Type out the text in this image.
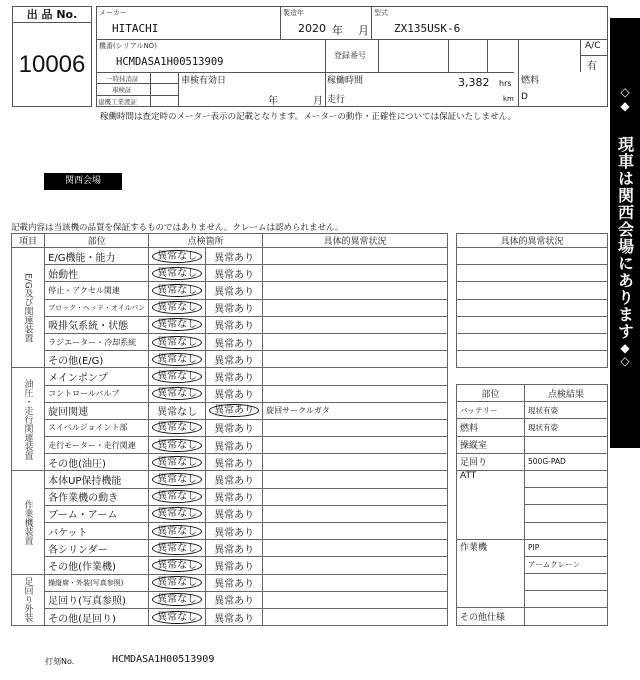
出 品 No.
10006
メーカー
HITACHI
製造年
2020 年 月
型式
ZX135USK-6
機番(シリアルNO)
HCMDASA1H00513909
登録番号
A/C
有
一時抹消証
車検証
建機工業渡証
車検有効日
年	月
稼働時間	3,382 hrs
走行	km
燃料
D
稼働時間は査定時のメーター表示の記載となります。メーターの動作・正確性については保証いたしません。
◇
◆
現車は関西会場にあります
◆
◇
関西会場
記載内容は当該機の品質を保証するものではありません。クレームは認められません。
項目	部位	点検箇所		具体的異常状況
E/G及び関連装置	E/G機能・能力	異常なし	異常あり	
	始動性	異常なし	異常あり	
	停止・アクセル関連	異常なし	異常あり	
	ブロック・ヘッド・オイルパン	異常なし	異常あり	
	吸排気系統・状態	異常なし	異常あり	
	ラジエーター・冷却系統	異常なし	異常あり	
	その他(E/G)	異常なし	異常あり	
油圧・走行関連装置	メインポンプ	異常なし	異常あり	
	コントロールバルブ	異常なし	異常あり	
	旋回関連	異常なし	異常あり	旋回サークルガタ
	スイベルジョイント部	異常なし	異常あり	
	走行モーター・走行関連	異常なし	異常あり	
	その他(油圧)	異常なし	異常あり	
作業機装置	本体UP保持機能	異常なし	異常あり	
	各作業機の動き	異常なし	異常あり	
	ブーム・アーム	異常なし	異常あり	
	バケット	異常なし	異常あり	
	各シリンダー	異常なし	異常あり	
	その他(作業機)	異常なし	異常あり	
足回り外装	操縦席・外装(写真参照)	異常なし	異常あり	
	足回り(写真参照)	異常なし	異常あり	
	その他(足回り)	異常なし	異常あり	
具体的異常状況

部位	点検結果
バッテリー	現状有姿
燃料	現状有姿
操縦室	
足回り	500G-PAD
ATT	

作業機	PIP
	アームクレーン

その他仕様	
打刻No.	HCMDASA1H00513909
